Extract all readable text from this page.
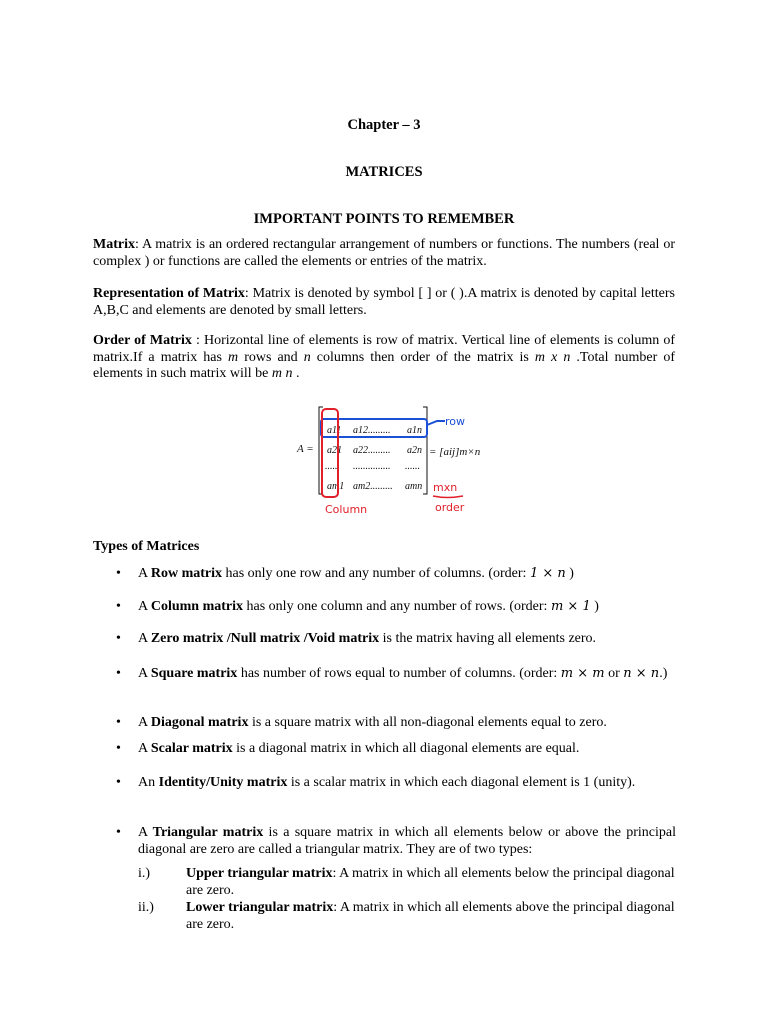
Chapter – 3
MATRICES
IMPORTANT POINTS TO REMEMBER
Matrix: A matrix is an ordered rectangular arrangement of numbers or functions. The numbers (real or complex ) or functions are called the elements or entries of the matrix.
Representation of Matrix: Matrix is denoted by symbol [ ] or ( ).A matrix is denoted by capital letters A,B,C and elements are denoted by small letters.
Order of Matrix : Horizontal line of elements is row of matrix. Vertical line of elements is column of matrix.If a matrix has m rows and n columns then order of the matrix is m x n .Total number of elements in such matrix will be m n .
A =
a11 a12......... a1n
a21 a22......... a2n
...... ............... ......
am1 am2......... amn
= [aij]m×n
row
Column
mxn
order
Types of Matrices
•	A Row matrix has only one row and any number of columns. (order: 1 × n )
•	A Column matrix has only one column and any number of rows. (order: m × 1 )
•	A Zero matrix /Null matrix /Void matrix is the matrix having all elements zero.
•	A Square matrix has number of rows equal to number of columns. (order: m × m or n × n.)
•	A Diagonal matrix is a square matrix with all non-diagonal elements equal to zero.
•	A Scalar matrix is a diagonal matrix in which all diagonal elements are equal.
•	An Identity/Unity matrix is a scalar matrix in which each diagonal element is 1 (unity).
•	A Triangular matrix is a square matrix in which all elements below or above the principal diagonal are zero are called a triangular matrix. They are of two types:
i.)	Upper triangular matrix: A matrix in which all elements below the principal diagonal are zero.
ii.)	Lower triangular matrix: A matrix in which all elements above the principal diagonal are zero.
